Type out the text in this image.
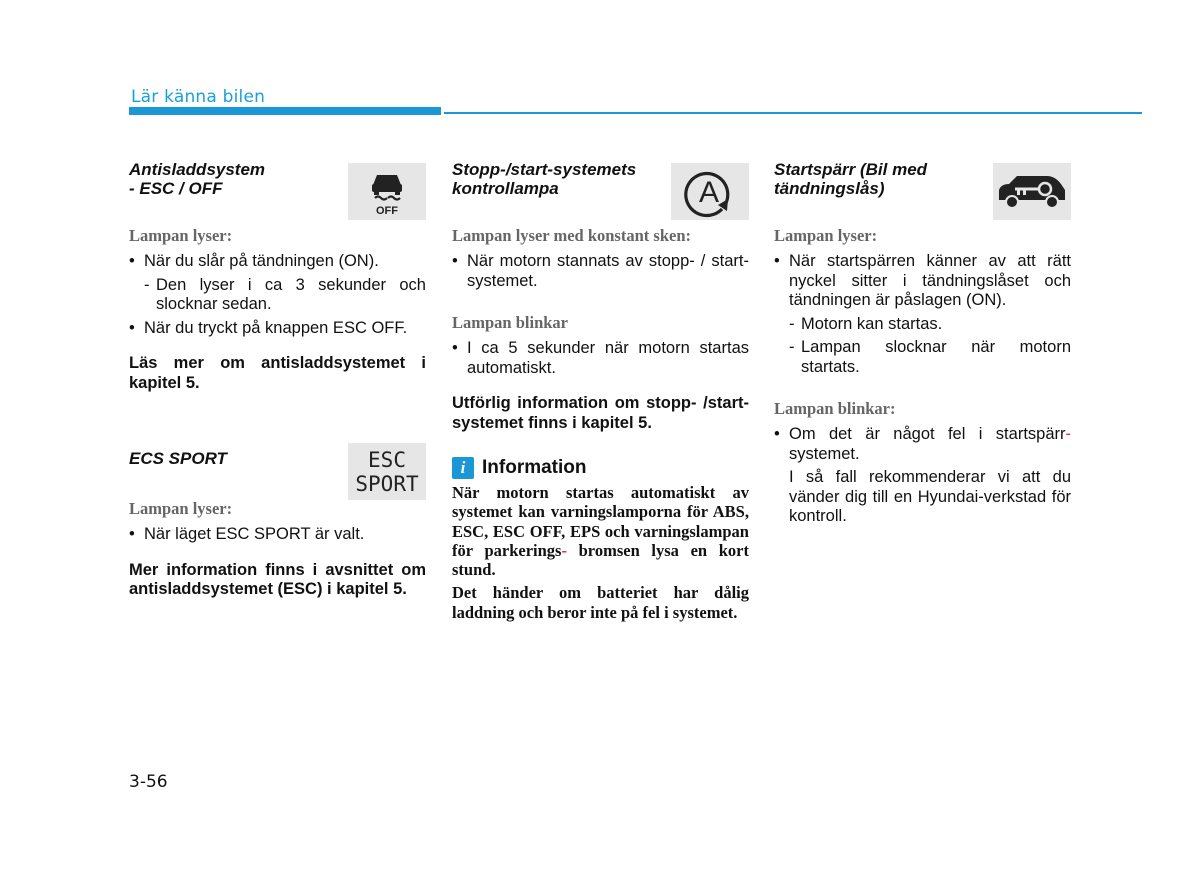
Lär känna bilen
Antisladdsystem
- ESC / OFF
OFF

Lampan lyser:

• När du slår på tändningen (ON).

- Den lyser i ca 3 sekunder och slocknar sedan.

• När du tryckt på knappen ESC OFF.

Läs mer om antisladdsystemet i kapitel 5.

ECS SPORT	ESC
SPORT

Lampan lyser:

• När läget ESC SPORT är valt.

Mer information finns i avsnittet om antisladdsystemet (ESC) i kapitel 5.

Stopp-/start-systemets
kontrollampa	A

Lampan lyser med konstant sken:

• När motorn stannats av stopp- / start-systemet.

Lampan blinkar

• I ca 5 sekunder när motorn startas automatiskt.

Utförlig information om stopp- /start-systemet finns i kapitel 5.

i Information

När motorn startas automatiskt av systemet kan varningslamporna för ABS, ESC, ESC OFF, EPS och varningslampan för parkerings- bromsen lysa en kort stund.

Det händer om batteriet har dålig laddning och beror inte på fel i systemet.

Startspärr (Bil med
tändningslås)

Lampan lyser:

• När startspärren känner av att rätt nyckel sitter i tändningslåset och tändningen är påslagen (ON).

- Motorn kan startas.

- Lampan slocknar när motorn startats.

Lampan blinkar:

• Om det är något fel i startspärr- systemet.

I så fall rekommenderar vi att du vänder dig till en Hyundai-verkstad för kontroll.

3-56
